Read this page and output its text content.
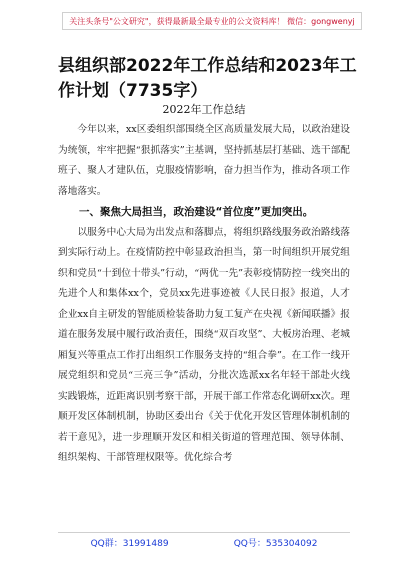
关注头条号"公文研究"，获得最新最全最专业的公文资料库！ 微信：gongwenyj
县组织部2022年工作总结和2023年工作计划（7735字）
2022年工作总结

今年以来，xx区委组织部围绕全区高质量发展大局，以政治建设为统领，牢牢把握“狠抓落实”主基调，坚持抓基层打基础、选干部配班子、聚人才建队伍，克服疫情影响，奋力担当作为，推动各项工作落地落实。

一、聚焦大局担当，政治建设“首位度”更加突出。

以服务中心大局为出发点和落脚点，将组织路线服务政治路线落到实际行动上。在疫情防控中彰显政治担当，第一时间组织开展党组织和党员“十到位十带头”行动，“两优一先”表彰疫情防控一线突出的先进个人和集体xx个，党员xx先进事迹被《人民日报》报道，人才企业xx自主研发的智能质检装备助力复工复产在央视《新闻联播》报道在服务发展中履行政治责任，围绕“双百攻坚”、大板房治理、老城厢复兴等重点工作打出组织工作服务支持的“组合拳”。在工作一线开展党组织和党员“三亮三争”活动，分批次选派xx名年轻干部赴火线实践锻炼，近距离识别考察干部，开展干部工作常态化调研xx次。理顺开发区体制机制，协助区委出台《关于优化开发区管理体制机制的若干意见》，进一步理顺开发区和相关街道的管理范围、领导体制、组织架构、干部管理权限等。优化综合考

QQ群：31991489	QQ号：535304092
